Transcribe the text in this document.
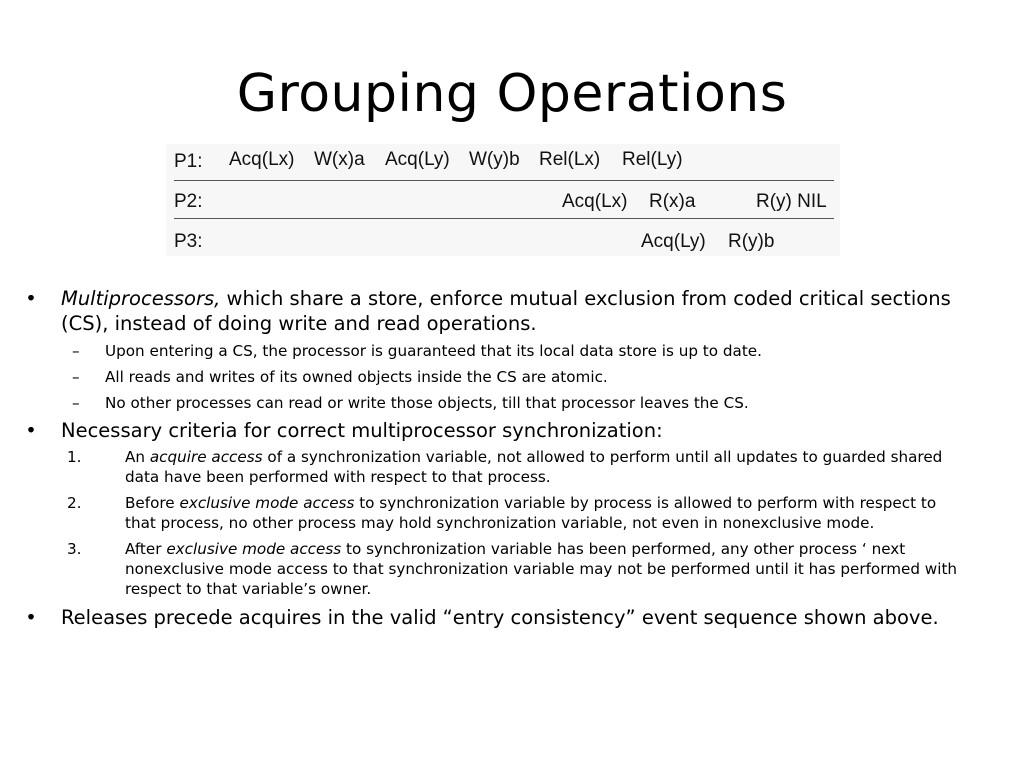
Grouping Operations
P1: Acq(Lx) W(x)a Acq(Ly) W(y)b Rel(Lx) Rel(Ly)
P2:	Acq(Lx) R(x)a	R(y) NIL
P3:	Acq(Ly) R(y)b
• Multiprocessors, which share a store, enforce mutual exclusion from coded critical sections (CS), instead of doing write and read operations.
– Upon entering a CS, the processor is guaranteed that its local data store is up to date.
– All reads and writes of its owned objects inside the CS are atomic.
– No other processes can read or write those objects, till that processor leaves the CS.
• Necessary criteria for correct multiprocessor synchronization:
1.	An acquire access of a synchronization variable, not allowed to perform until all updates to guarded shared data have been performed with respect to that process.
2.	Before exclusive mode access to synchronization variable by process is allowed to perform with respect to that process, no other process may hold synchronization variable, not even in nonexclusive mode.
3.	After exclusive mode access to synchronization variable has been performed, any other process ‘ next nonexclusive mode access to that synchronization variable may not be performed until it has performed with respect to that variable’s owner.
• Releases precede acquires in the valid “entry consistency” event sequence shown above.
